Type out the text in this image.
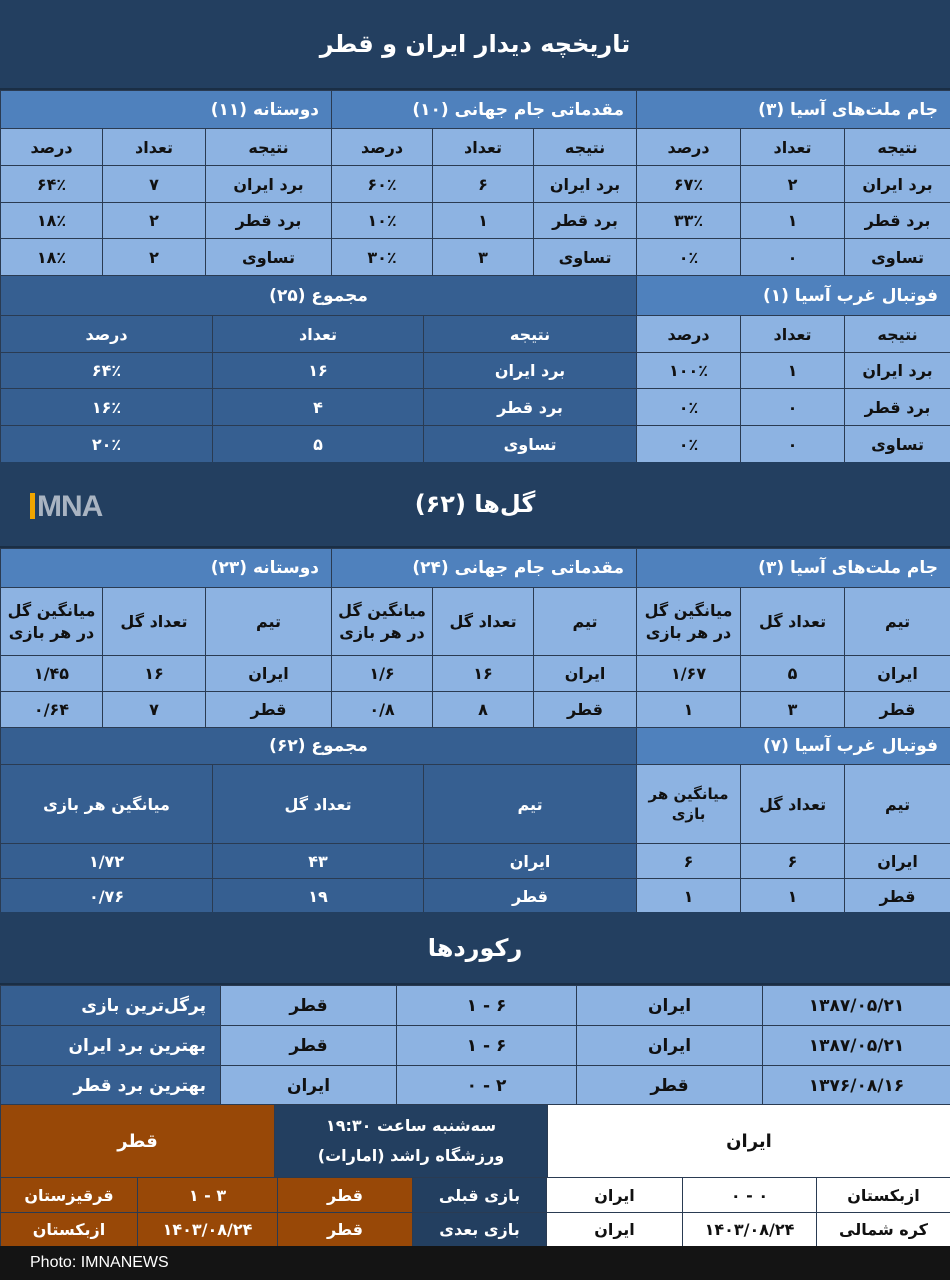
تاریخچه دیدار ایران و قطر
جام ملت‌های آسیا (۳)		
نتیجه	تعداد	درصد
برد ایران	۲	۶۷٪
برد قطر	۱	۳۳٪
تساوی	۰	۰٪
مقدماتی جام جهانی (۱۰)		
نتیجه	تعداد	درصد
برد ایران	۶	۶۰٪
برد قطر	۱	۱۰٪
تساوی	۳	۳۰٪
دوستانه (۱۱)		
نتیجه	تعداد	درصد
برد ایران	۷	۶۴٪
برد قطر	۲	۱۸٪
تساوی	۲	۱۸٪
فوتبال غرب آسیا (۱)		
نتیجه	تعداد	درصد
برد ایران	۱	۱۰۰٪
برد قطر	۰	۰٪
تساوی	۰	۰٪
مجموع (۲۵)		
نتیجه	تعداد	درصد
برد ایران	۱۶	۶۴٪
برد قطر	۴	۱۶٪
تساوی	۵	۲۰٪
گل‌ها (۶۲)
MNA
جام ملت‌های آسیا (۳)		
تیم	تعداد گل	میانگین گل در هر بازی
ایران	۵	۱/۶۷
قطر	۳	۱
مقدماتی جام جهانی (۲۴)		
تیم	تعداد گل	میانگین گل در هر بازی
ایران	۱۶	۱/۶
قطر	۸	۰/۸
دوستانه (۲۳)		
تیم	تعداد گل	میانگین گل در هر بازی
ایران	۱۶	۱/۴۵
قطر	۷	۰/۶۴
فوتبال غرب آسیا (۷)		
تیم	تعداد گل	میانگین هر بازی
ایران	۶	۶
قطر	۱	۱
مجموع (۶۲)		
تیم	تعداد گل	میانگین هر بازی
ایران	۴۳	۱/۷۲
قطر	۱۹	۰/۷۶
رکوردها
۱۳۸۷/۰۵/۲۱	ایران	۶ - ۱	قطر	پرگل‌ترین بازی
۱۳۸۷/۰۵/۲۱	ایران	۶ - ۱	قطر	بهترین برد ایران
۱۳۷۶/۰۸/۱۶	قطر	۲ - ۰	ایران	بهترین برد قطر
ایران	
سه‌شنبه ساعت ۱۹:۳۰
ورزشگاه راشد (امارات)
	قطر
ازبکستان	۰ - ۰	ایران	بازی قبلی	قطر	۳ - ۱	قرقیزستان
کره شمالی	۱۴۰۳/۰۸/۲۴	ایران	بازی بعدی	قطر	۱۴۰۳/۰۸/۲۴	ازبکستان
Photo: IMNANEWS
